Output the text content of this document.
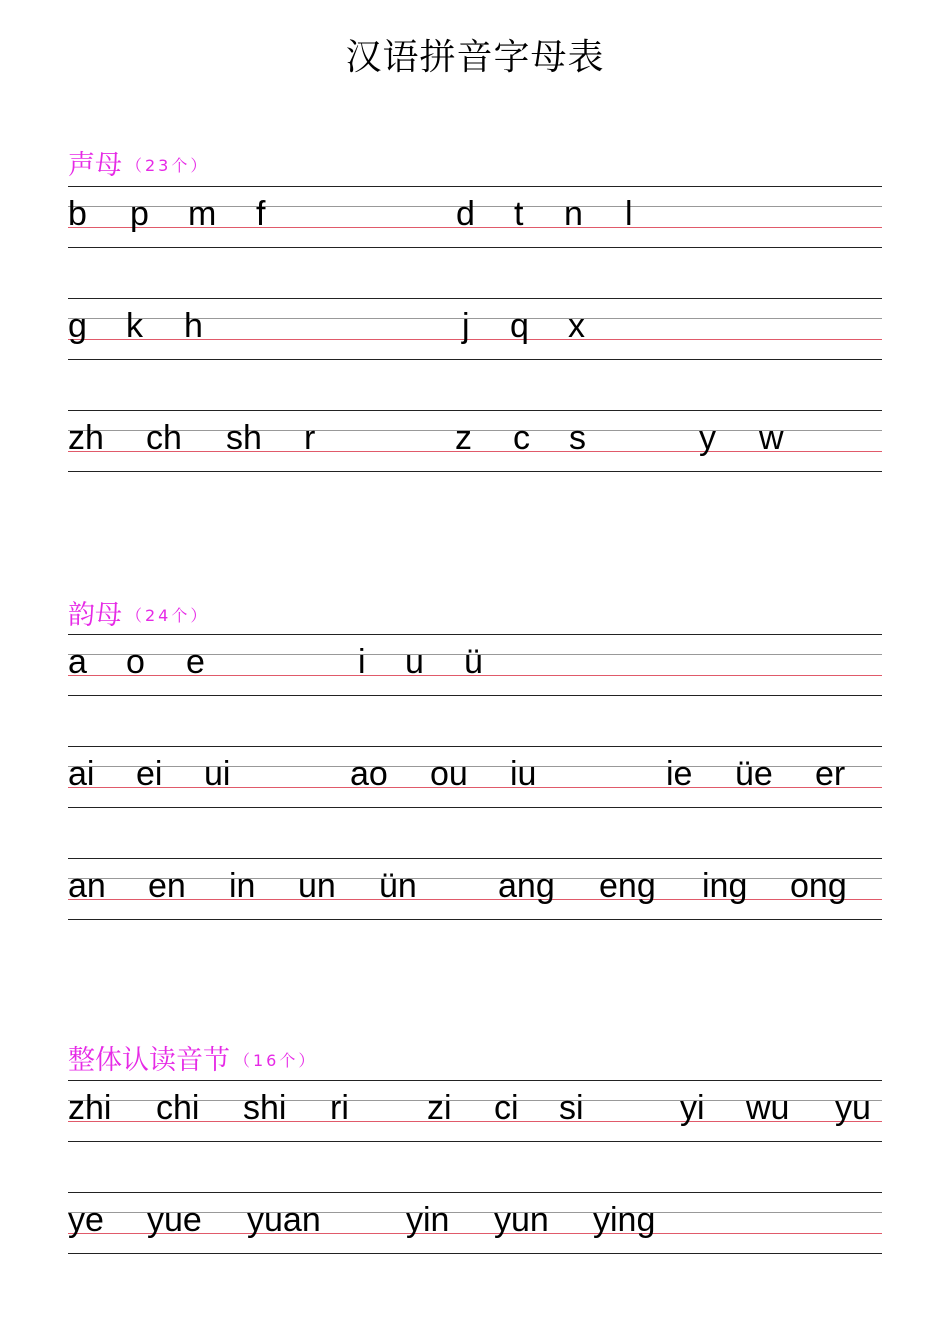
汉语拼音字母表
声母 （23个）
b p m f	d t n l
g k h	j q x
zh ch sh r	z c s	y w
韵母 （24个）
a o e	i u ü
ai ei ui	ao ou iu	ie üe er
an en in un ün ang eng ing ong
整体认读音节 （16个）
zhi chi shi ri zi ci si	yi wu yu
ye yue yuan	yin yun ying
